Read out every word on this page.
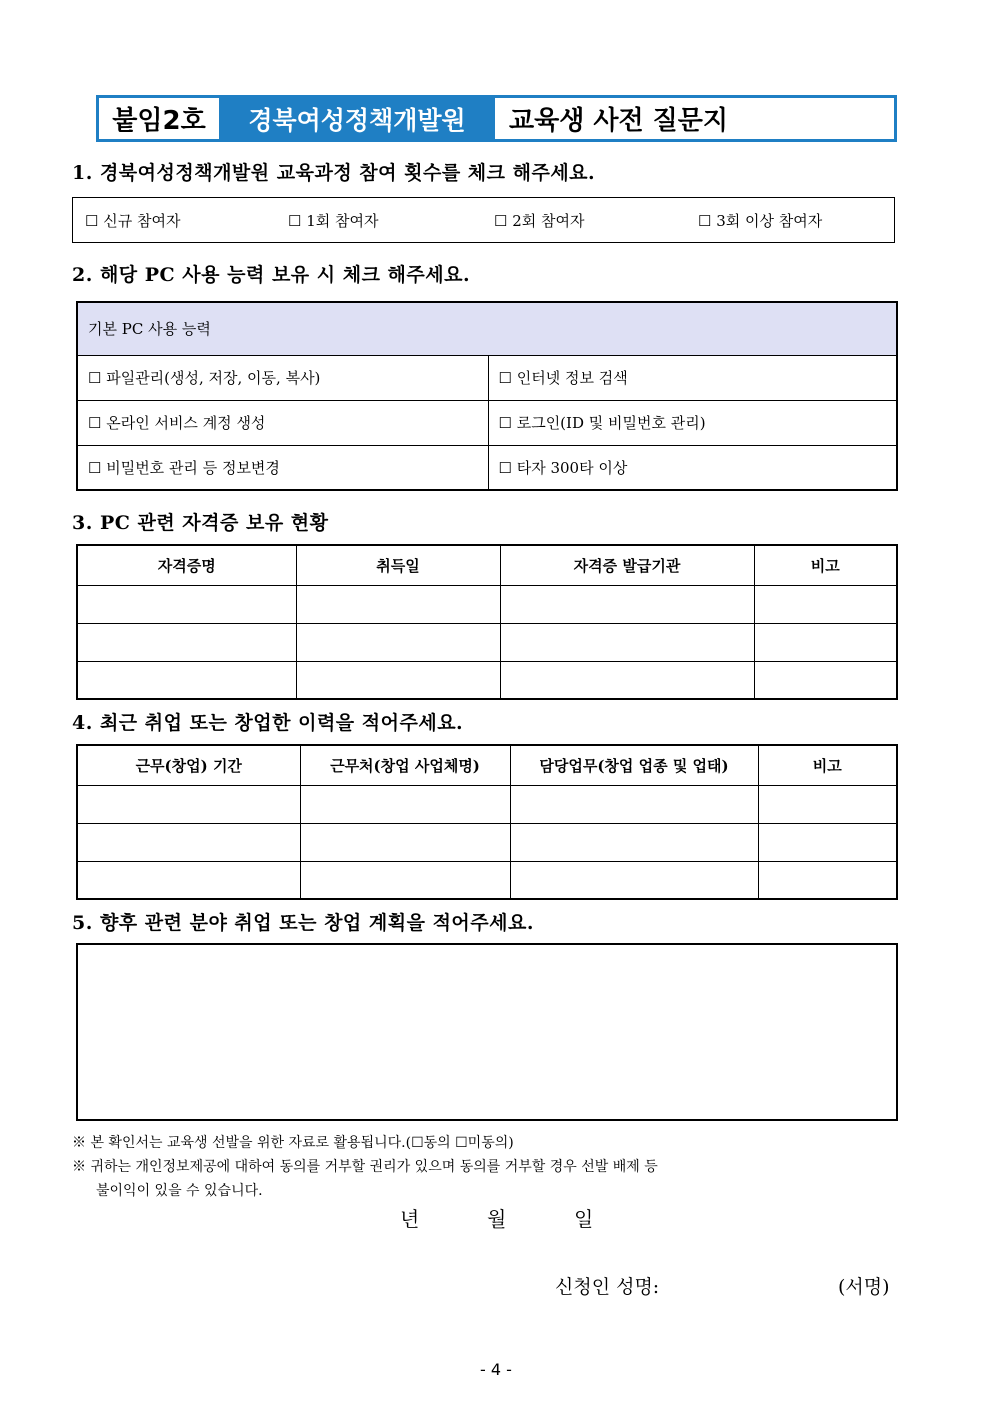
붙임2호	경북여성정책개발원	교육생 사전 질문지
1. 경북여성정책개발원 교육과정 참여 횟수를 체크 해주세요.
☐ 신규 참여자	☐ 1회 참여자	☐ 2회 참여자	☐ 3회 이상 참여자
2. 해당 PC 사용 능력 보유 시 체크 해주세요.
기본 PC 사용 능력	
☐ 파일관리(생성, 저장, 이동, 복사)	☐ 인터넷 정보 검색
☐ 온라인 서비스 계정 생성	☐ 로그인(ID 및 비밀번호 관리)
☐ 비밀번호 관리 등 정보변경	☐ 타자 300타 이상
3. PC 관련 자격증 보유 현황
자격증명	취득일	자격증 발급기관	비고

4. 최근 취업 또는 창업한 이력을 적어주세요.
근무(창업) 기간	근무처(창업 사업체명)	담당업무(창업 업종 및 업태)	비고

5. 향후 관련 분야 취업 또는 창업 계획을 적어주세요.
※ 본 확인서는 교육생 선발을 위한 자료로 활용됩니다.(☐동의 ☐미동의)
※ 귀하는 개인정보제공에 대하여 동의를 거부할 권리가 있으며 동의를 거부할 경우 선발 배제 등
불이익이 있을 수 있습니다.
년	월	일
신청인 성명:	(서명)
- 4 -
